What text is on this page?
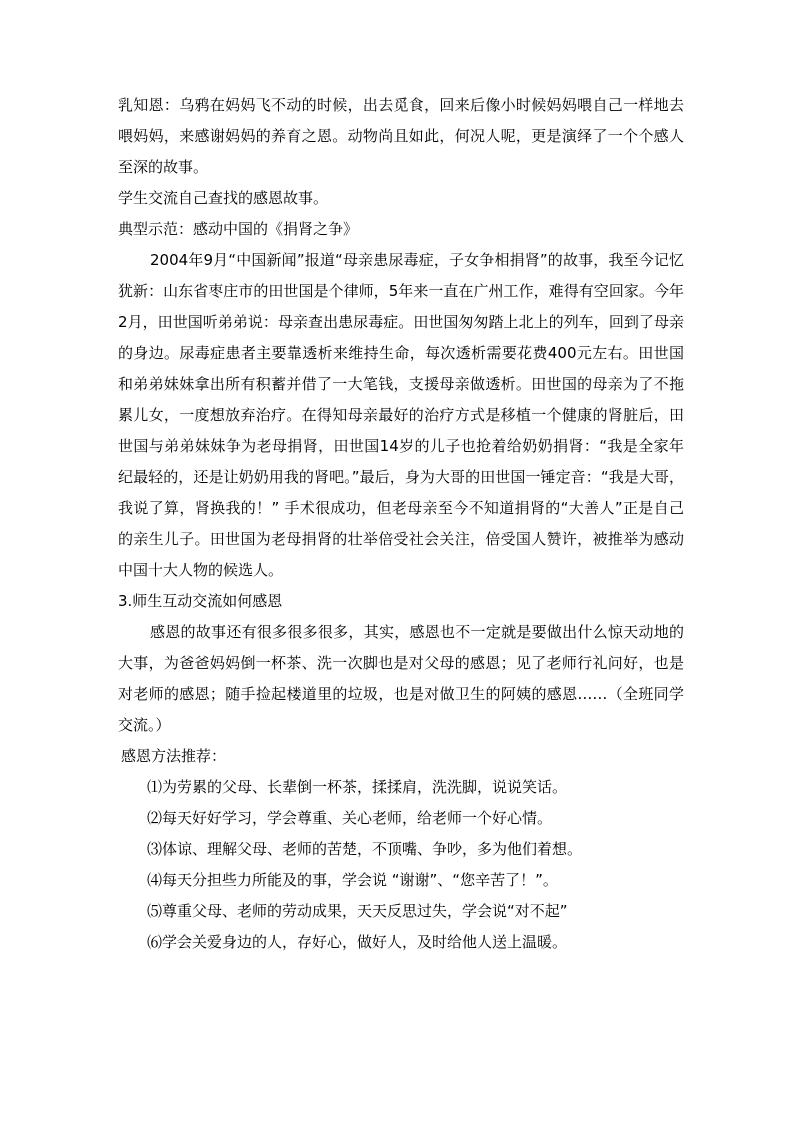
乳知恩：乌鸦在妈妈飞不动的时候，出去觅食，回来后像小时候妈妈喂自己一样地去喂妈妈，来感谢妈妈的养育之恩。动物尚且如此，何况人呢，更是演绎了一个个感人至深的故事。

学生交流自己查找的感恩故事。

典型示范：感动中国的《捐肾之争》

2004年9月“中国新闻”报道“母亲患尿毒症，子女争相捐肾”的故事，我至今记忆犹新：山东省枣庄市的田世国是个律师，5年来一直在广州工作，难得有空回家。今年2月，田世国听弟弟说：母亲查出患尿毒症。田世国匆匆踏上北上的列车，回到了母亲的身边。尿毒症患者主要靠透析来维持生命，每次透析需要花费400元左右。田世国和弟弟妹妹拿出所有积蓄并借了一大笔钱，支援母亲做透析。田世国的母亲为了不拖累儿女，一度想放弃治疗。在得知母亲最好的治疗方式是移植一个健康的肾脏后，田世国与弟弟妹妹争为老母捐肾，田世国14岁的儿子也抢着给奶奶捐肾：“我是全家年纪最轻的，还是让奶奶用我的肾吧。”最后，身为大哥的田世国一锤定音：“我是大哥，我说了算，肾换我的！” 手术很成功，但老母亲至今不知道捐肾的“大善人”正是自己的亲生儿子。田世国为老母捐肾的壮举倍受社会关注，倍受国人赞许，被推举为感动中国十大人物的候选人。

3.师生互动交流如何感恩

感恩的故事还有很多很多很多，其实，感恩也不一定就是要做出什么惊天动地的大事，为爸爸妈妈倒一杯茶、洗一次脚也是对父母的感恩；见了老师行礼问好，也是对老师的感恩；随手捡起楼道里的垃圾，也是对做卫生的阿姨的感恩……（全班同学交流。）

感恩方法推荐：

⑴为劳累的父母、长辈倒一杯茶，揉揉肩，洗洗脚，说说笑话。
⑵每天好好学习，学会尊重、关心老师，给老师一个好心情。
⑶体谅、理解父母、老师的苦楚，不顶嘴、争吵，多为他们着想。
⑷每天分担些力所能及的事，学会说 “谢谢”、“您辛苦了！”。
⑸尊重父母、老师的劳动成果，天天反思过失，学会说“对不起”
⑹学会关爱身边的人，存好心，做好人，及时给他人送上温暖。
